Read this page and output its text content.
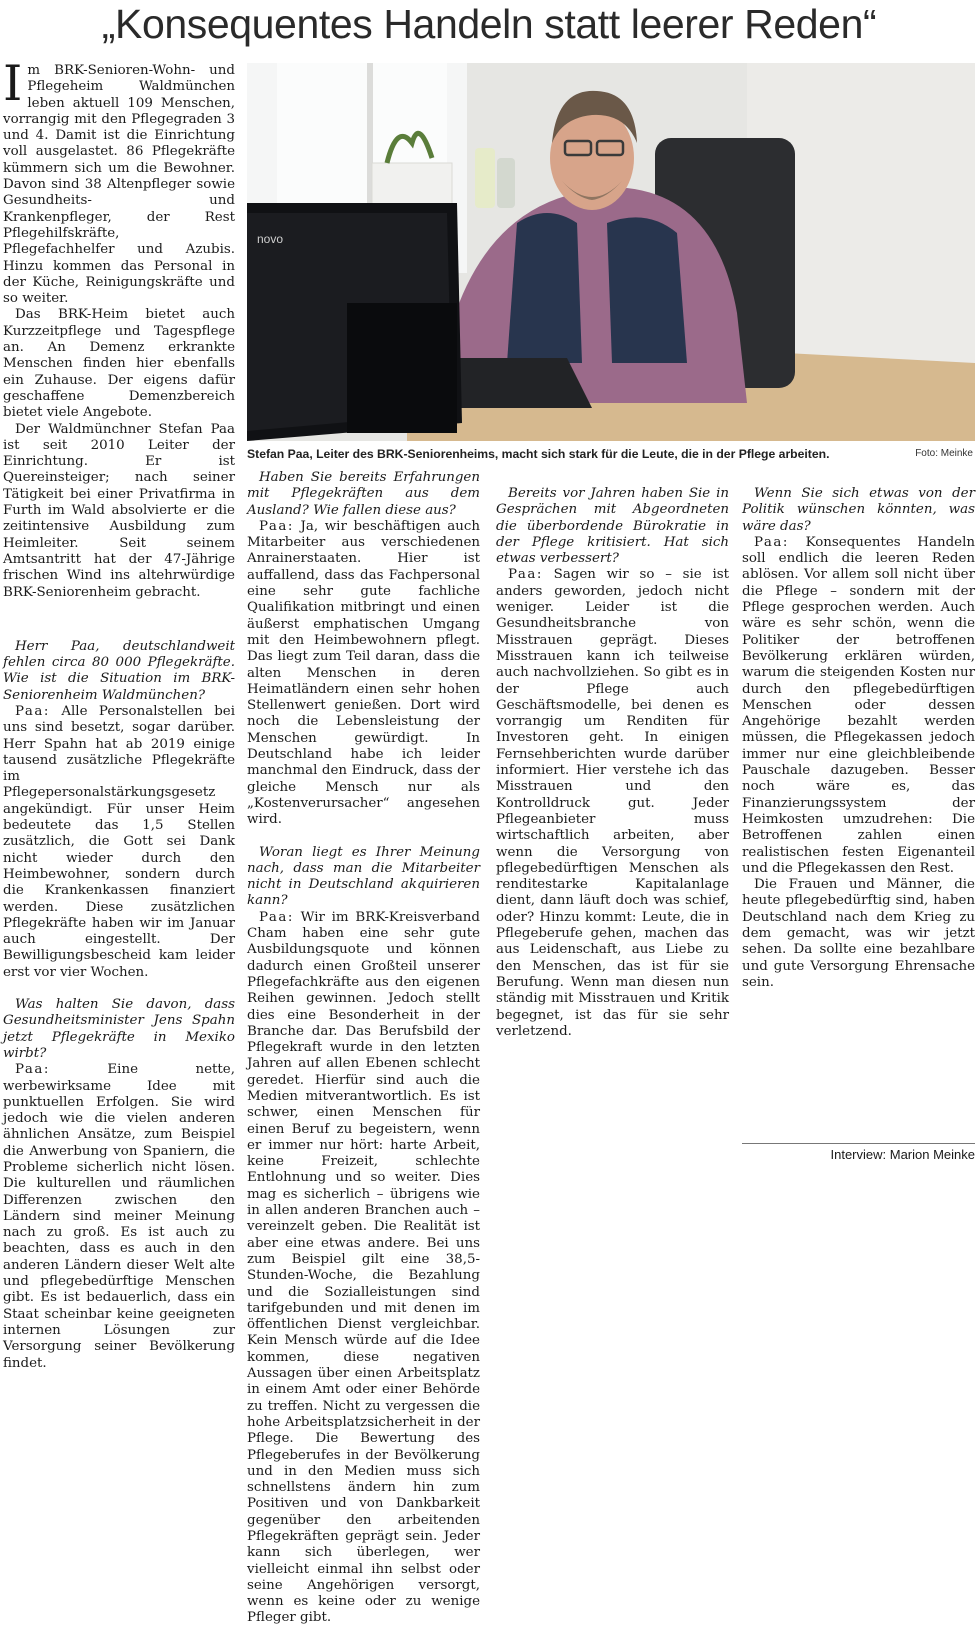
„Konsequentes Handeln statt leerer Reden“

Im BRK-Senioren-Wohn- und Pflegeheim Waldmünchen leben aktuell 109 Menschen, vorrangig mit den Pflegegraden 3 und 4. Damit ist die Einrichtung voll ausgelastet. 86 Pflegekräfte kümmern sich um die Bewohner. Davon sind 38 Altenpfleger sowie Gesundheits- und Krankenpfleger, der Rest Pflegehilfskräfte, Pflegefachhelfer und Azubis. Hinzu kommen das Personal in der Küche, Reinigungskräfte und so weiter.

Das BRK-Heim bietet auch Kurzzeitpflege und Tagespflege an. An Demenz erkrankte Menschen finden hier ebenfalls ein Zuhause. Der eigens dafür geschaffene Demenzbereich bietet viele Angebote.

Der Waldmünchner Stefan Paa ist seit 2010 Leiter der Einrichtung. Er ist Quereinsteiger; nach seiner Tätigkeit bei einer Privatfirma in Furth im Wald absolvierte er die zeitintensive Ausbildung zum Heimleiter. Seit seinem Amtsantritt hat der 47-Jährige frischen Wind ins altehrwürdige BRK-Seniorenheim gebracht.

Herr Paa, deutschlandweit fehlen circa 80 000 Pflegekräfte. Wie ist die Situation im BRK-Seniorenheim Waldmünchen?

Paa: Alle Personalstellen bei uns sind besetzt, sogar darüber. Herr Spahn hat ab 2019 einige tausend zusätzliche Pflegekräfte im Pflegepersonalstärkungsgesetz angekündigt. Für unser Heim bedeutete das 1,5 Stellen zusätzlich, die Gott sei Dank nicht wieder durch den Heimbewohner, sondern durch die Krankenkassen finanziert werden. Diese zusätzlichen Pflegekräfte haben wir im Januar auch eingestellt. Der Bewilligungsbescheid kam leider erst vor vier Wochen.

Was halten Sie davon, dass Gesundheitsminister Jens Spahn jetzt Pflegekräfte in Mexiko wirbt?

Paa:	Eine nette, werbewirksame Idee mit punktuellen Erfolgen. Sie wird jedoch wie die vielen anderen ähnlichen Ansätze, zum Beispiel die Anwerbung von Spaniern, die Probleme sicherlich nicht lösen. Die kulturellen und räumlichen Differenzen zwischen den Ländern sind meiner Meinung nach zu groß. Es ist auch zu beachten, dass es auch in den anderen Ländern dieser Welt alte und pflegebedürftige Menschen gibt. Es ist bedauerlich, dass ein Staat scheinbar keine geeigneten internen Lösungen zur Versorgung seiner Bevölkerung findet.

novo
Stefan Paa, Leiter des BRK-Seniorenheims, macht sich stark für die Leute, die in der Pflege arbeiten.	Foto: Meinke

Haben Sie bereits Erfahrungen mit Pflegekräften aus dem Ausland? Wie fallen diese aus?

Paa: Ja, wir beschäftigen auch Mitarbeiter aus verschiedenen Anrainerstaaten. Hier ist auffallend, dass das Fachpersonal eine sehr gute fachliche Qualifikation mitbringt und einen äußerst emphatischen Umgang mit den Heimbewohnern pflegt. Das liegt zum Teil daran, dass die alten Menschen in deren Heimatländern einen sehr hohen Stellenwert genießen. Dort wird noch die Lebensleistung der Menschen gewürdigt. In Deutschland habe ich leider manchmal den Eindruck, dass der gleiche Mensch nur als „Kostenverursacher“ angesehen wird.

Woran liegt es Ihrer Meinung nach, dass man die Mitarbeiter nicht in Deutschland akquirieren kann?

Paa: Wir im BRK-Kreisverband Cham haben eine sehr gute Ausbildungsquote und können dadurch einen Großteil unserer Pflegefachkräfte aus den eigenen Reihen gewinnen. Jedoch stellt dies eine Besonderheit in der Branche dar. Das Berufsbild der Pflegekraft wurde in den letzten Jahren auf allen Ebenen schlecht geredet. Hierfür sind auch die Medien mitverantwortlich. Es ist schwer, einen Menschen für einen Beruf zu begeistern, wenn er immer nur hört: harte Arbeit, keine Freizeit, schlechte Entlohnung und so weiter. Dies mag es sicherlich – übrigens wie in allen anderen Branchen auch – vereinzelt geben. Die Realität ist aber eine etwas andere. Bei uns zum Beispiel gilt eine 38,5-Stunden-Woche, die Bezahlung und die Sozialleistungen sind tarifgebunden und mit denen im öffentlichen Dienst vergleichbar. Kein Mensch würde auf die Idee kommen, diese negativen Aussagen über einen Arbeitsplatz in einem Amt oder einer Behörde zu treffen. Nicht zu vergessen die hohe Arbeitsplatzsicherheit in der Pflege. Die Bewertung des Pflegeberufes in der Bevölkerung und in den Medien muss sich schnellstens ändern hin zum Positiven und von Dankbarkeit gegenüber den arbeitenden Pflegekräften geprägt sein. Jeder kann sich überlegen, wer vielleicht einmal ihn selbst oder seine Angehörigen versorgt, wenn es keine oder zu wenige Pfleger gibt.

Bereits vor Jahren haben Sie in Gesprächen mit Abgeordneten die überbordende Bürokratie in der Pflege kritisiert. Hat sich etwas verbessert?

Paa: Sagen wir so – sie ist anders geworden, jedoch nicht weniger. Leider ist die Gesundheitsbranche von Misstrauen geprägt. Dieses Misstrauen kann ich teilweise auch nachvollziehen. So gibt es in der Pflege auch Geschäftsmodelle, bei denen es vorrangig um Renditen für Investoren geht. In einigen Fernsehberichten wurde darüber informiert. Hier verstehe ich das Misstrauen und den Kontrolldruck gut. Jeder Pflegeanbieter muss wirtschaftlich arbeiten, aber wenn die Versorgung von pflegebedürftigen Menschen als renditestarke Kapitalanlage dient, dann läuft doch was schief, oder? Hinzu kommt: Leute, die in Pflegeberufe gehen, machen das aus Leidenschaft, aus Liebe zu den Menschen, das ist für sie Berufung. Wenn man diesen nun ständig mit Misstrauen und Kritik begegnet, ist das für sie sehr verletzend.

Wenn Sie sich etwas von der Politik wünschen könnten, was wäre das?

Paa: Konsequentes Handeln soll endlich die leeren Reden ablösen. Vor allem soll nicht über die Pflege – sondern mit der Pflege gesprochen werden. Auch wäre es sehr schön, wenn die Politiker der betroffenen Bevölkerung erklären würden, warum die steigenden Kosten nur durch den pflegebedürftigen Menschen oder dessen Angehörige bezahlt werden müssen, die Pflegekassen jedoch immer nur eine gleichbleibende Pauschale dazugeben. Besser noch wäre es, das Finanzierungssystem der Heimkosten umzudrehen: Die Betroffenen zahlen einen realistischen festen Eigenanteil und die Pflegekassen den Rest.

Die Frauen und Männer, die heute pflegebedürftig sind, haben Deutschland nach dem Krieg zu dem gemacht, was wir jetzt sehen. Da sollte eine bezahlbare und gute Versorgung Ehrensache sein.

Interview: Marion Meinke
